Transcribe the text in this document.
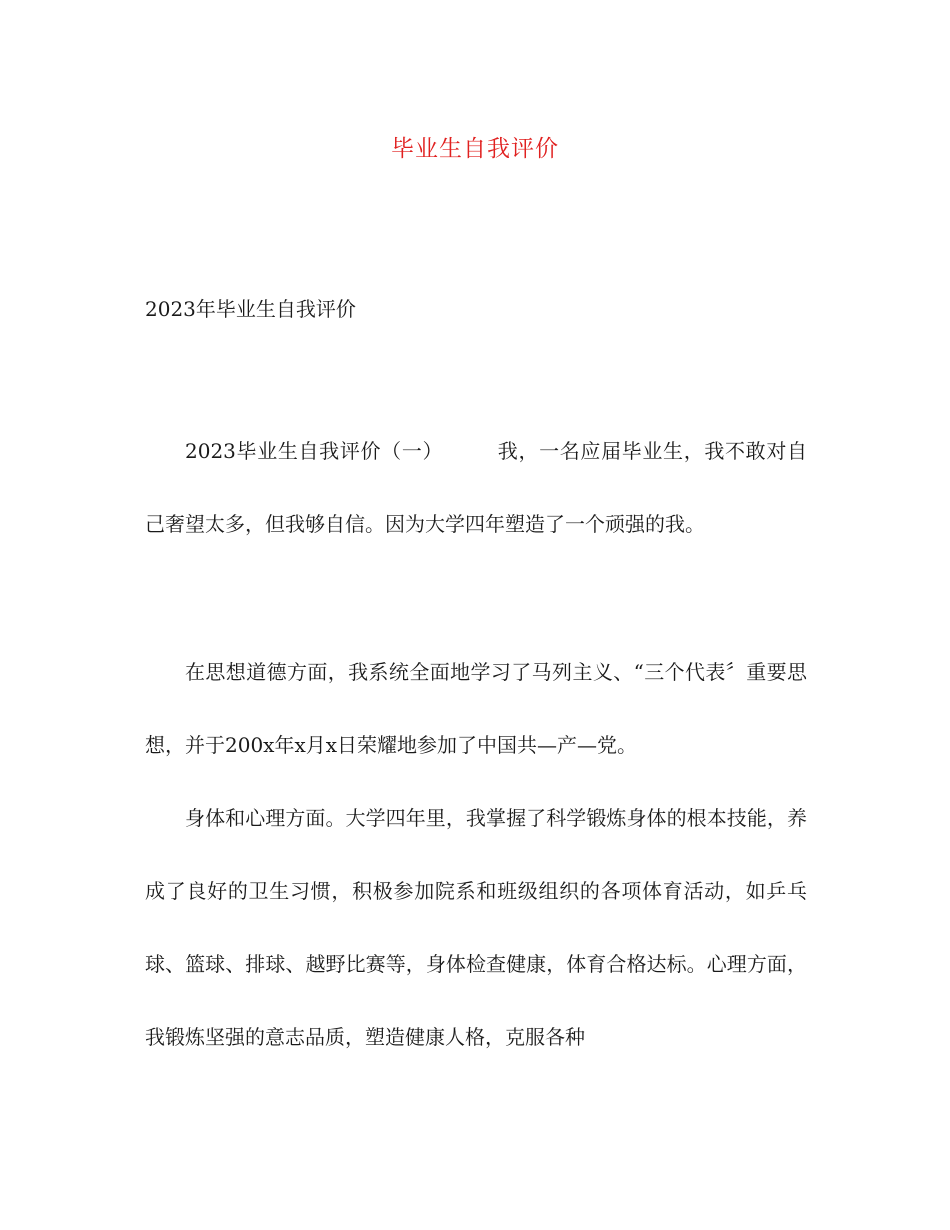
毕业生自我评价
2023年毕业生自我评价

2023毕业生自我评价（一）	我，一名应届毕业生，我不敢对自己奢望太多，但我够自信。因为大学四年塑造了一个顽强的我。

在思想道德方面，我系统全面地学习了马列主义、“三个代表〞重要思想，并于200x年x月x日荣耀地参加了中国共—产—党。

身体和心理方面。大学四年里，我掌握了科学锻炼身体的根本技能，养成了良好的卫生习惯，积极参加院系和班级组织的各项体育活动，如乒乓球、篮球、排球、越野比赛等，身体检查健康，体育合格达标。心理方面，我锻炼坚强的意志品质，塑造健康人格，克服各种
